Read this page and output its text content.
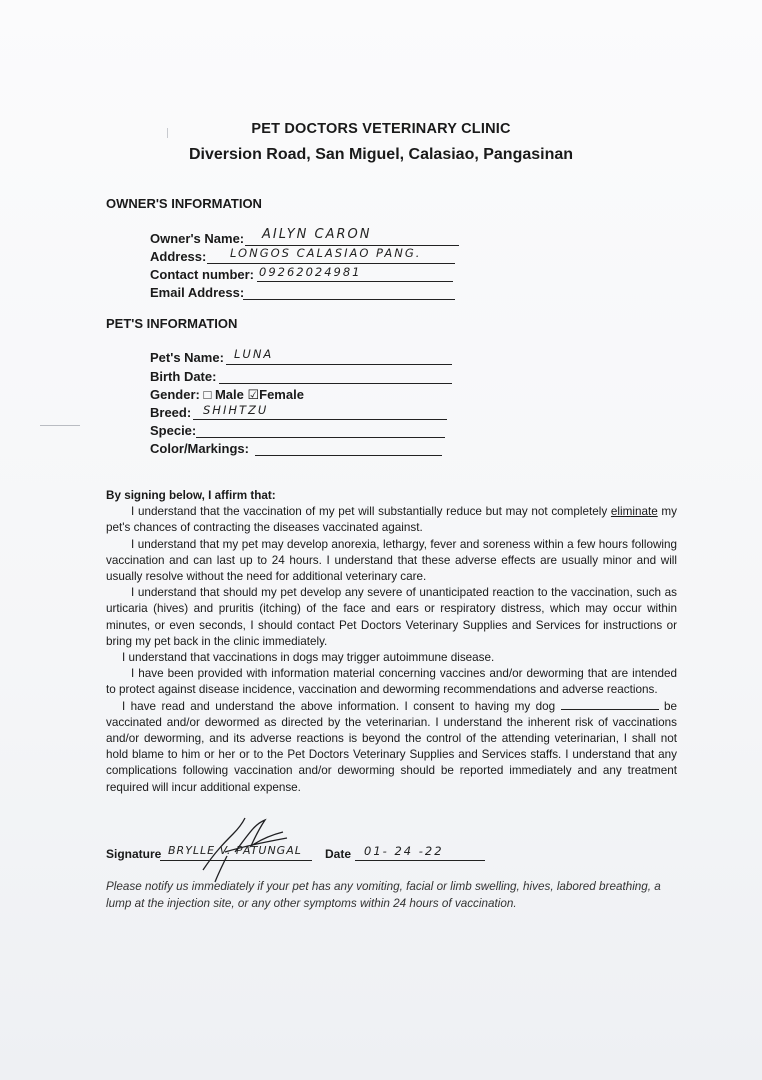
PET DOCTORS VETERINARY CLINIC
Diversion Road, San Miguel, Calasiao, Pangasinan
OWNER'S INFORMATION
Owner's Name: AILYN CARON
Address: LONGOS CALASIAO PANG.
Contact number: 09262024981
Email Address:
PET'S INFORMATION
Pet's Name: LUNA
Birth Date:
Gender: □ Male ☑Female
Breed: SHIHTZU
Specie:
Color/Markings:

By signing below, I affirm that:

I understand that the vaccination of my pet will substantially reduce but may not completely eliminate my pet's chances of contracting the diseases vaccinated against.

I understand that my pet may develop anorexia, lethargy, fever and soreness within a few hours following vaccination and can last up to 24 hours. I understand that these adverse effects are usually minor and will usually resolve without the need for additional veterinary care.

I understand that should my pet develop any severe of unanticipated reaction to the vaccination, such as urticaria (hives) and pruritis (itching) of the face and ears or respiratory distress, which may occur within minutes, or even seconds, I should contact Pet Doctors Veterinary Supplies and Services for instructions or bring my pet back in the clinic immediately.

I understand that vaccinations in dogs may trigger autoimmune disease.

I have been provided with information material concerning vaccines and/or deworming that are intended to protect against disease incidence, vaccination and deworming recommendations and adverse reactions.

I have read and understand the above information. I consent to having my dog	be vaccinated and/or dewormed as directed by the veterinarian. I understand the inherent risk of vaccinations and/or deworming, and its adverse reactions is beyond the control of the attending veterinarian, I shall not hold blame to him or her or to the Pet Doctors Veterinary Supplies and Services staffs. I understand that any complications following vaccination and/or deworming should be reported immediately and any treatment required will incur additional expense.

Signature BRYLLE V. PATUNGAL Date 01- 24 -22
Please notify us immediately if your pet has any vomiting, facial or limb swelling, hives, labored breathing, a lump at the injection site, or any other symptoms within 24 hours of vaccination.
